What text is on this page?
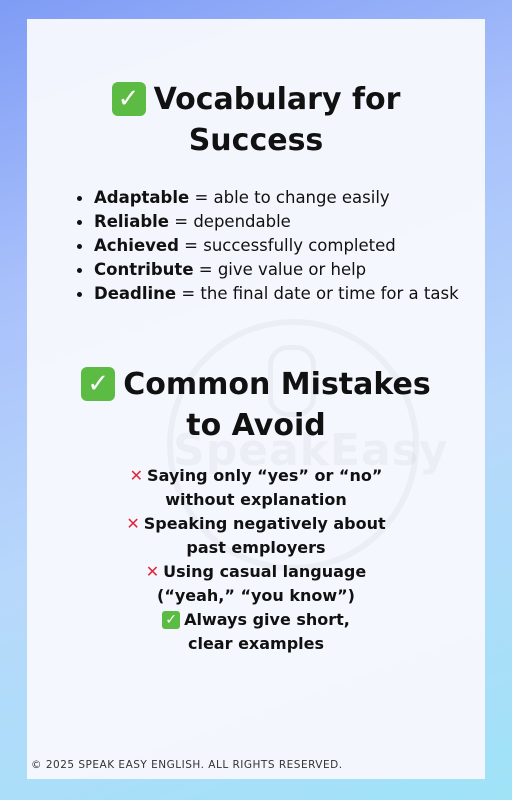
✓ Vocabulary for
Success
Adaptable = able to change easily
Reliable = dependable
Achieved = successfully completed
Contribute = give value or help
Deadline = the final date or time for a task
✓ Common Mistakes
to Avoid
✕ Saying only “yes” or “no”
without explanation
✕ Speaking negatively about
past employers
✕ Using casual language
(“yeah,” “you know”)
✓ Always give short,
clear examples
© 2025 SPEAK EASY ENGLISH. ALL RIGHTS RESERVED.
